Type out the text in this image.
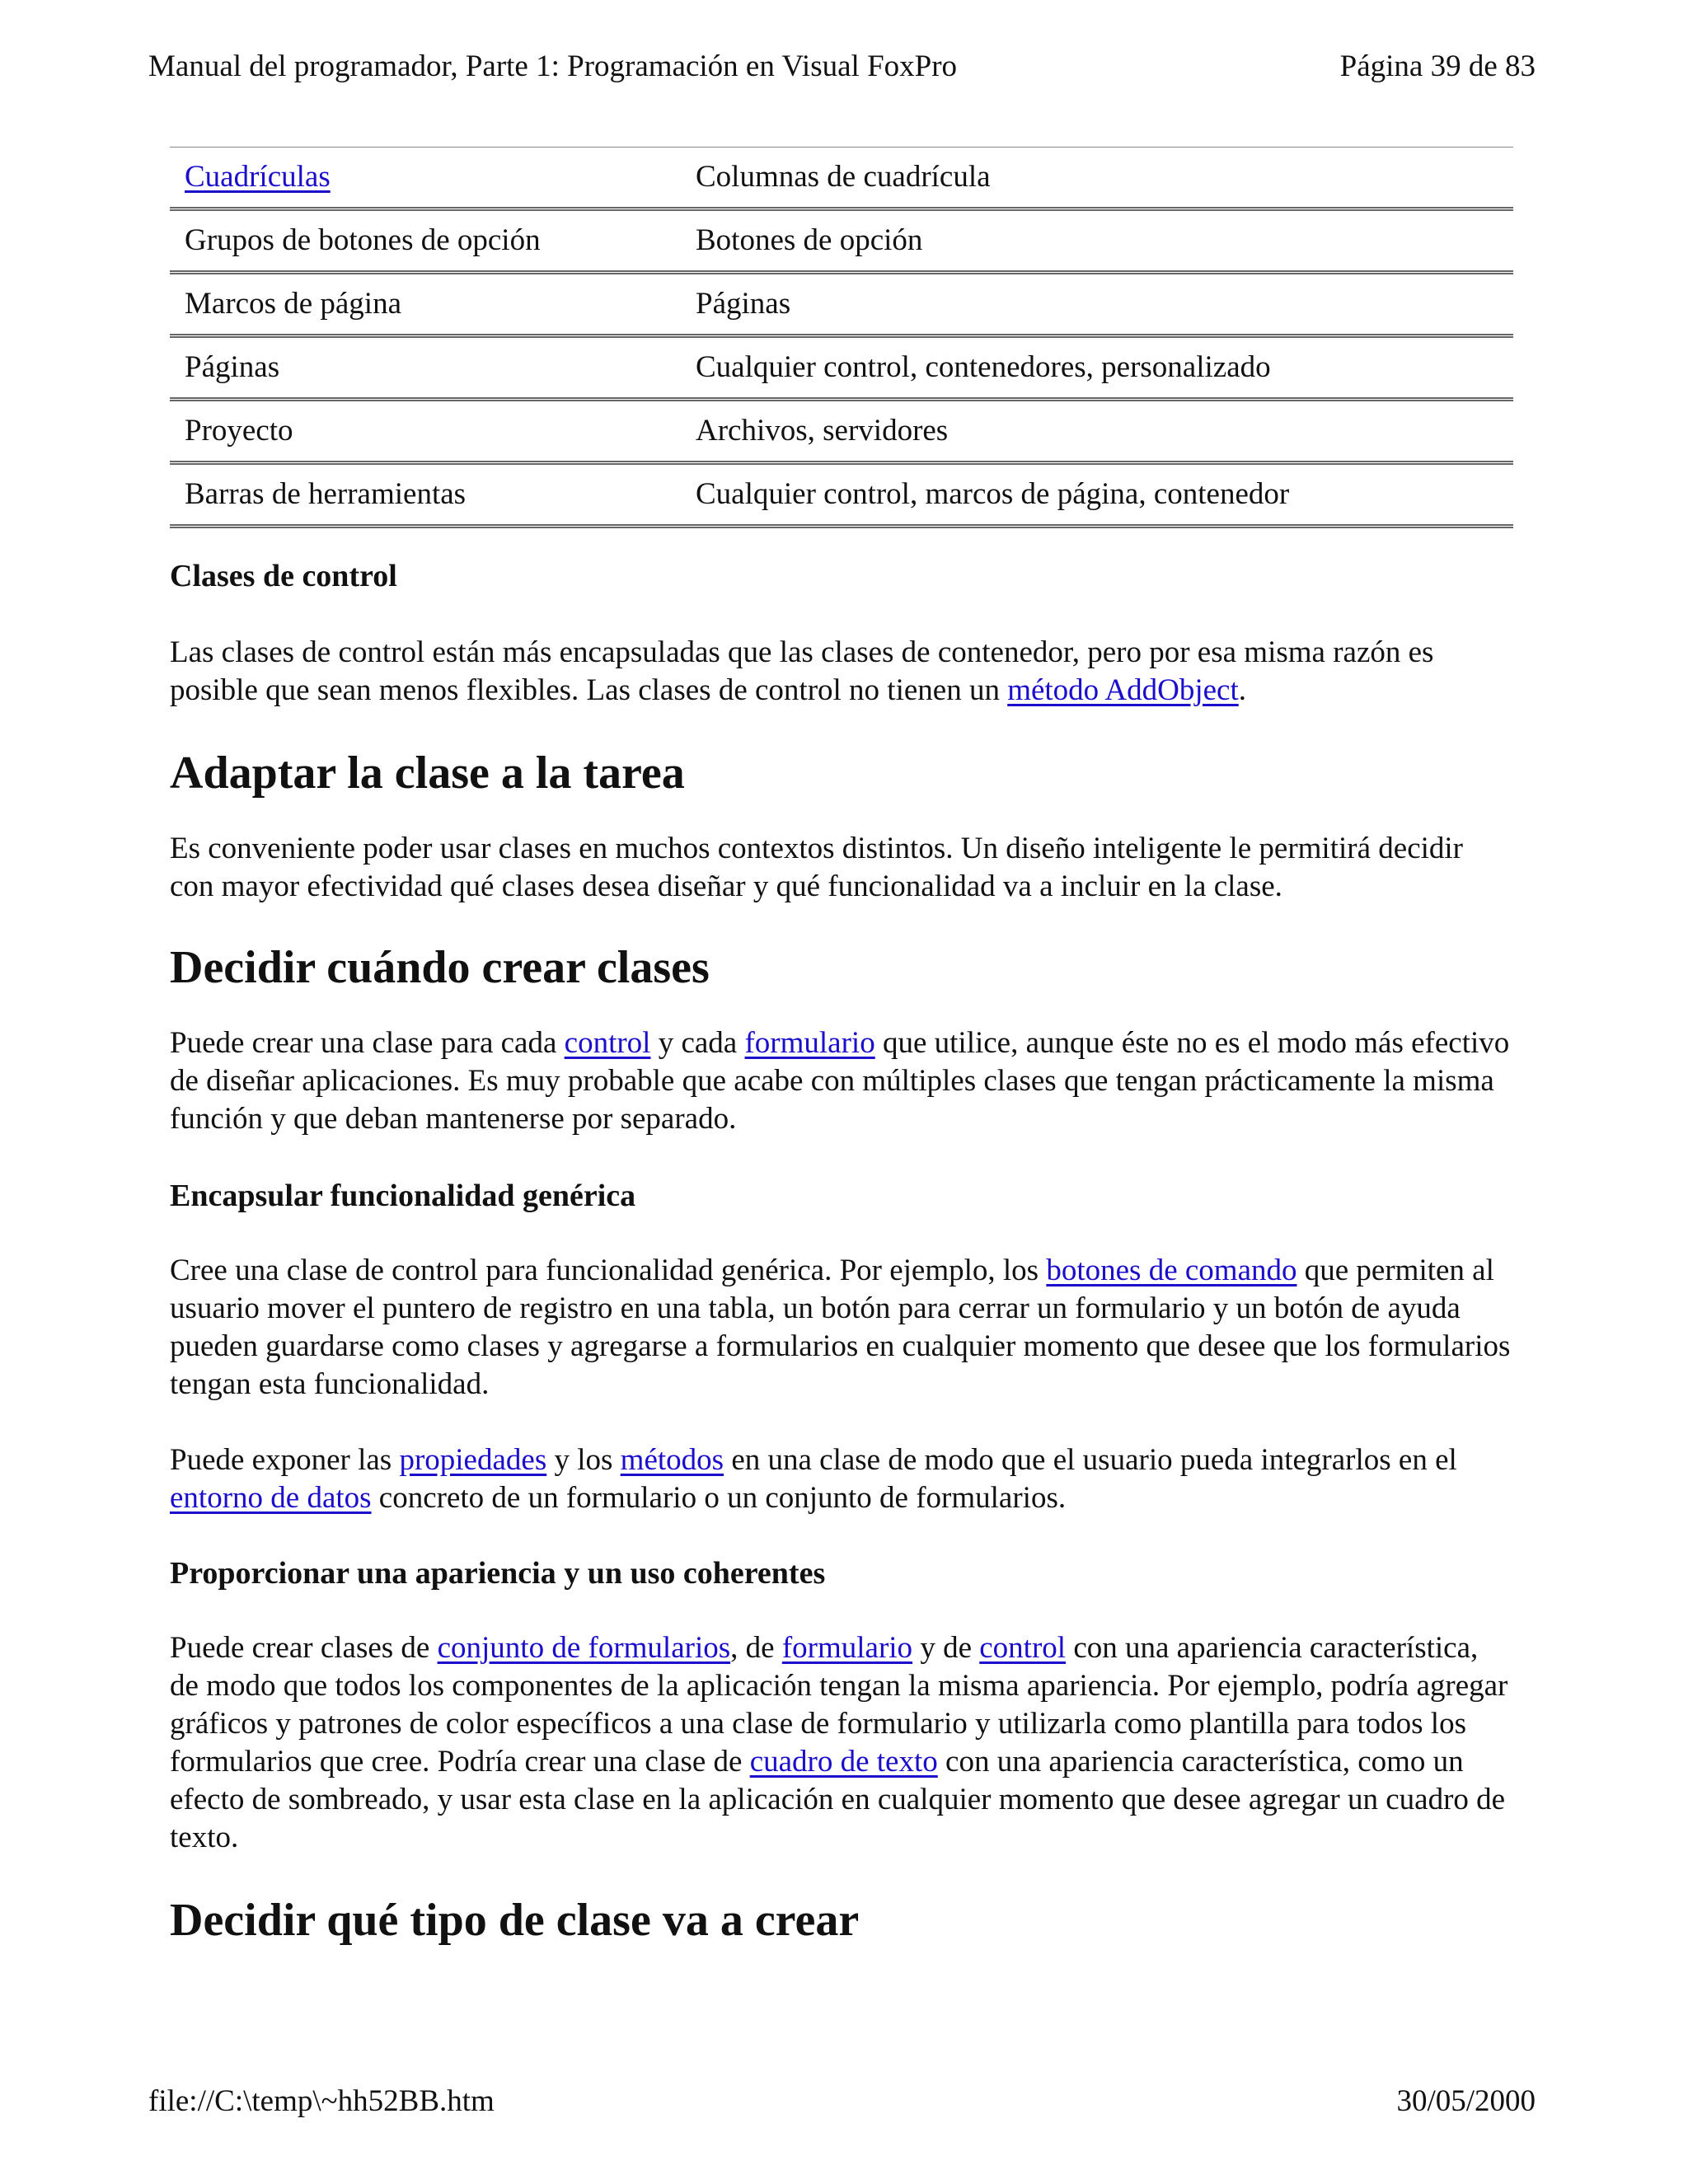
Manual del programador, Parte 1: Programación en Visual FoxPro	Página 39 de 83
Cuadrículas	Columnas de cuadrícula
Grupos de botones de opción	Botones de opción
Marcos de página	Páginas
Páginas	Cualquier control, contenedores, personalizado
Proyecto	Archivos, servidores
Barras de herramientas	Cualquier control, marcos de página, contenedor
Clases de control

Las clases de control están más encapsuladas que las clases de contenedor, pero por esa misma razón es posible que sean menos flexibles. Las clases de control no tienen un método AddObject.

Adaptar la clase a la tarea

Es conveniente poder usar clases en muchos contextos distintos. Un diseño inteligente le permitirá decidir con mayor efectividad qué clases desea diseñar y qué funcionalidad va a incluir en la clase.

Decidir cuándo crear clases

Puede crear una clase para cada control y cada formulario que utilice, aunque éste no es el modo más efectivo de diseñar aplicaciones. Es muy probable que acabe con múltiples clases que tengan prácticamente la misma función y que deban mantenerse por separado.

Encapsular funcionalidad genérica

Cree una clase de control para funcionalidad genérica. Por ejemplo, los botones de comando que permiten al usuario mover el puntero de registro en una tabla, un botón para cerrar un formulario y un botón de ayuda pueden guardarse como clases y agregarse a formularios en cualquier momento que desee que los formularios tengan esta funcionalidad.

Puede exponer las propiedades y los métodos en una clase de modo que el usuario pueda integrarlos en el entorno de datos concreto de un formulario o un conjunto de formularios.

Proporcionar una apariencia y un uso coherentes

Puede crear clases de conjunto de formularios, de formulario y de control con una apariencia característica, de modo que todos los componentes de la aplicación tengan la misma apariencia. Por ejemplo, podría agregar gráficos y patrones de color específicos a una clase de formulario y utilizarla como plantilla para todos los formularios que cree. Podría crear una clase de cuadro de texto con una apariencia característica, como un efecto de sombreado, y usar esta clase en la aplicación en cualquier momento que desee agregar un cuadro de texto.

Decidir qué tipo de clase va a crear
file://C:\temp\~hh52BB.htm	30/05/2000
